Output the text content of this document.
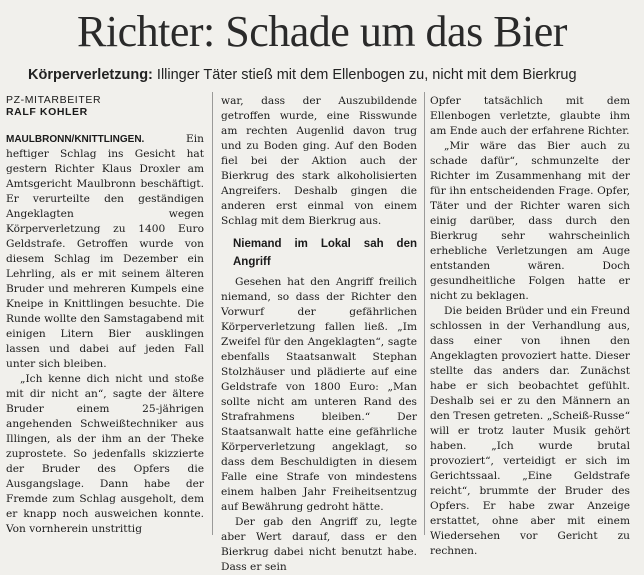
Richter: Schade um das Bier
Körperverletzung: Illinger Täter stieß mit dem Ellenbogen zu, nicht mit dem Bierkrug
PZ-MITARBEITER
RALF KOHLER

MAULBRONN/KNITTLINGEN. Ein heftiger Schlag ins Gesicht hat gestern Richter Klaus Droxler am Amtsgericht Maulbronn beschäftigt. Er verurteilte den geständigen Angeklagten wegen Körperverletzung zu 1400 Euro Geldstrafe. Getroffen wurde von diesem Schlag im Dezember ein Lehrling, als er mit seinem älteren Bruder und mehreren Kumpels eine Kneipe in Knittlingen besuchte. Die Runde wollte den Samstagabend mit einigen Litern Bier ausklingen lassen und dabei auf jeden Fall unter sich bleiben.

„Ich kenne dich nicht und stoße mit dir nicht an“, sagte der ältere Bruder einem 25-jährigen angehenden Schweißtechniker aus Illingen, als der ihm an der Theke zuprostete. So jedenfalls skizzierte der Bruder des Opfers die Ausgangslage. Dann habe der Fremde zum Schlag ausgeholt, dem er knapp noch ausweichen konnte. Von vornherein unstrittig

war, dass der Auszubildende getroffen wurde, eine Risswunde am rechten Augenlid davon trug und zu Boden ging. Auf den Boden fiel bei der Aktion auch der Bierkrug des stark alkoholisierten Angreifers. Deshalb gingen die anderen erst einmal von einem Schlag mit dem Bierkrug aus.

Niemand im Lokal sah den Angriff

Gesehen hat den Angriff freilich niemand, so dass der Richter den Vorwurf der gefährlichen Körperverletzung fallen ließ. „Im Zweifel für den Angeklagten“, sagte ebenfalls Staatsanwalt Stephan Stolzhäuser und plädierte auf eine Geldstrafe von 1800 Euro: „Man sollte nicht am unteren Rand des Strafrahmens bleiben.“ Der Staatsanwalt hatte eine gefährliche Körperverletzung angeklagt, so dass dem Beschuldigten in diesem Falle eine Strafe von mindestens einem halben Jahr Freiheitsentzug auf Bewährung gedroht hätte.

Der gab den Angriff zu, legte aber Wert darauf, dass er den Bierkrug dabei nicht benutzt habe. Dass er sein

Opfer tatsächlich mit dem Ellenbogen verletzte, glaubte ihm am Ende auch der erfahrene Richter.

„Mir wäre das Bier auch zu schade dafür“, schmunzelte der Richter im Zusammenhang mit der für ihn entscheidenden Frage. Opfer, Täter und der Richter waren sich einig darüber, dass durch den Bierkrug sehr wahrscheinlich erhebliche Verletzungen am Auge entstanden wären. Doch gesundheitliche Folgen hatte er nicht zu beklagen.

Die beiden Brüder und ein Freund schlossen in der Verhandlung aus, dass einer von ihnen den Angeklagten provoziert hatte. Dieser stellte das anders dar. Zunächst habe er sich beobachtet gefühlt. Deshalb sei er zu den Männern an den Tresen getreten. „Scheiß-Russe“ will er trotz lauter Musik gehört haben. „Ich wurde brutal provoziert“, verteidigt er sich im Gerichtssaal. „Eine Geldstrafe reicht“, brummte der Bruder des Opfers. Er habe zwar Anzeige erstattet, ohne aber mit einem Wiedersehen vor Gericht zu rechnen.
